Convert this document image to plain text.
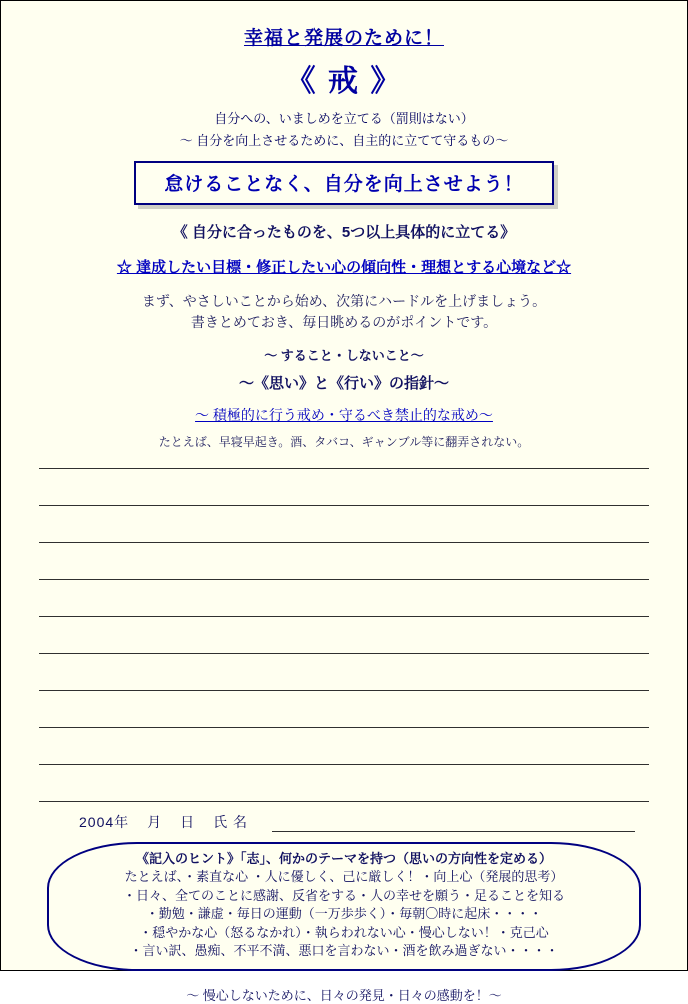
幸福と発展のために！
《 戒 》
自分への、いましめを立てる（罰則はない）
〜 自分を向上させるために、自主的に立てて守るもの〜
怠けることなく、自分を向上させよう！
《 自分に合ったものを、5つ以上具体的に立てる》
☆ 達成したい目標・修正したい心の傾向性・理想とする心境など☆
まず、やさしいことから始め、次第にハードルを上げましょう。
書きとめておき、毎日眺めるのがポイントです。
〜 すること・しないこと〜
〜《思い》と《行い》の指針〜
〜 積極的に行う戒め・守るべき禁止的な戒め〜
たとえば、早寝早起き。酒、タバコ、ギャンブル等に翻弄されない。
2004年 月 日 氏 名
《記入のヒント》「志」、何かのテーマを持つ（思いの方向性を定める）
たとえば、・素直な心 ・人に優しく、己に厳しく！・向上心（発展的思考）
・日々、全てのことに感謝、反省をする・人の幸せを願う・足ることを知る
・勤勉・謙虚・毎日の運動（一万歩歩く）・毎朝〇時に起床・・・・
・穏やかな心（怒るなかれ）・執らわれない心・慢心しない！・克己心
・言い訳、愚痴、不平不満、悪口を言わない・酒を飲み過ぎない・・・・
〜 慢心しないために、日々の発見・日々の感動を！〜
